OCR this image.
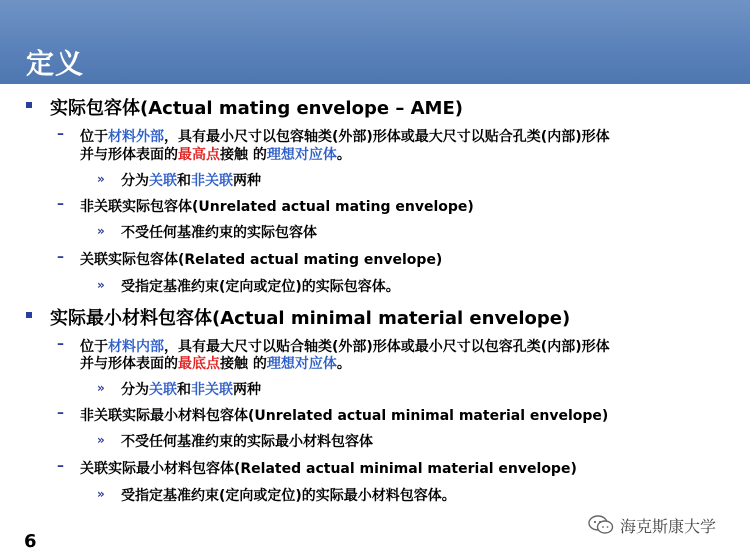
定义
实际包容体(Actual mating envelope – AME)
– 位于材料外部，具有最小尺寸以包容轴类(外部)形体或最大尺寸以贴合孔类(内部)形体
并与形体表面的最高点接触 的理想对应体。
» 分为关联和非关联两种
– 非关联实际包容体(Unrelated actual mating envelope)
» 不受任何基准约束的实际包容体
– 关联实际包容体(Related actual mating envelope)
» 受指定基准约束(定向或定位)的实际包容体。
实际最小材料包容体(Actual minimal material envelope)
– 位于材料内部，具有最大尺寸以贴合轴类(外部)形体或最小尺寸以包容孔类(内部)形体
并与形体表面的最底点接触 的理想对应体。
» 分为关联和非关联两种
– 非关联实际最小材料包容体(Unrelated actual minimal material envelope)
» 不受任何基准约束的实际最小材料包容体
– 关联实际最小材料包容体(Related actual minimal material envelope)
» 受指定基准约束(定向或定位)的实际最小材料包容体。
6
海克斯康大学
